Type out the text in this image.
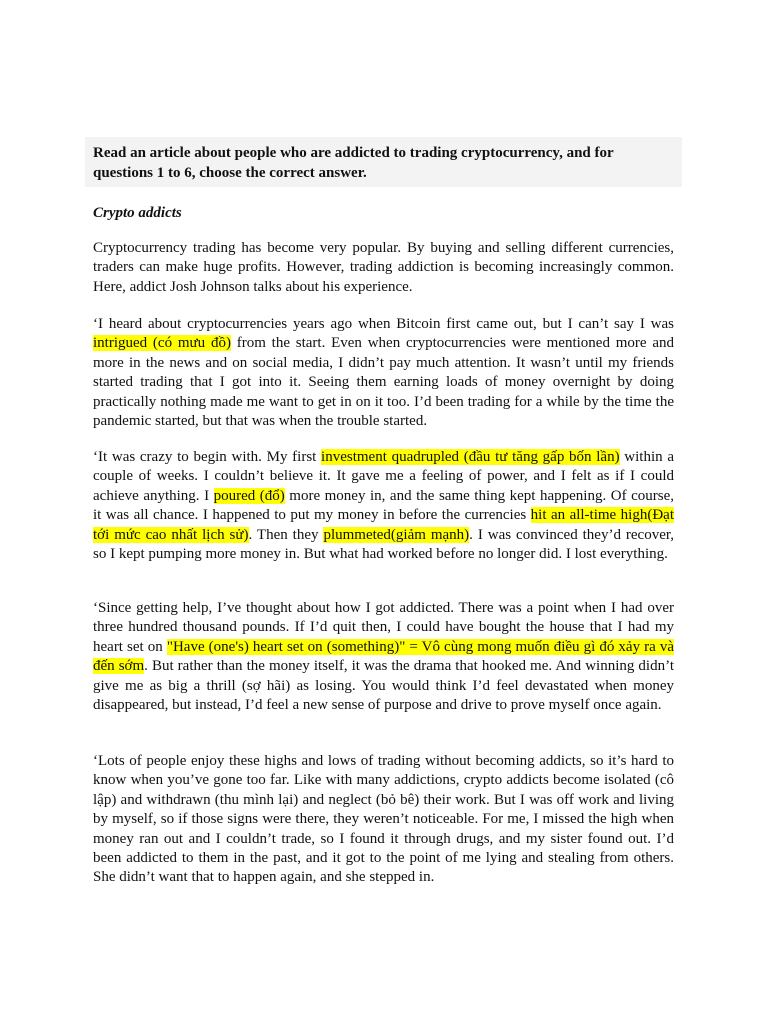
Read an article about people who are addicted to trading cryptocurrency, and for questions 1 to 6, choose the correct answer.

Crypto addicts

Cryptocurrency trading has become very popular. By buying and selling different currencies, traders can make huge profits. However, trading addiction is becoming increasingly common. Here, addict Josh Johnson talks about his experience.

‘I heard about cryptocurrencies years ago when Bitcoin first came out, but I can’t say I was intrigued (có mưu đồ) from the start. Even when cryptocurrencies were mentioned more and more in the news and on social media, I didn’t pay much attention. It wasn’t until my friends started trading that I got into it. Seeing them earning loads of money overnight by doing practically nothing made me want to get in on it too. I’d been trading for a while by the time the pandemic started, but that was when the trouble started.

‘It was crazy to begin with. My first investment quadrupled (đầu tư tăng gấp bốn lần) within a couple of weeks. I couldn’t believe it. It gave me a feeling of power, and I felt as if I could achieve anything. I poured (đổ) more money in, and the same thing kept happening. Of course, it was all chance. I happened to put my money in before the currencies hit an all-time high(Đạt tới mức cao nhất lịch sử). Then they plummeted(giảm mạnh). I was convinced they’d recover, so I kept pumping more money in. But what had worked before no longer did. I lost everything.

‘Since getting help, I’ve thought about how I got addicted. There was a point when I had over three hundred thousand pounds. If I’d quit then, I could have bought the house that I had my heart set on "Have (one's) heart set on (something)" = Vô cùng mong muốn điều gì đó xảy ra và đến sớm. But rather than the money itself, it was the drama that hooked me. And winning didn’t give me as big a thrill (sợ hãi) as losing. You would think I’d feel devastated when money disappeared, but instead, I’d feel a new sense of purpose and drive to prove myself once again.

‘Lots of people enjoy these highs and lows of trading without becoming addicts, so it’s hard to know when you’ve gone too far. Like with many addictions, crypto addicts become isolated (cô lập) and withdrawn (thu mình lại) and neglect (bỏ bê) their work. But I was off work and living by myself, so if those signs were there, they weren’t noticeable. For me, I missed the high when money ran out and I couldn’t trade, so I found it through drugs, and my sister found out. I’d been addicted to them in the past, and it got to the point of me lying and stealing from others. She didn’t want that to happen again, and she stepped in.
